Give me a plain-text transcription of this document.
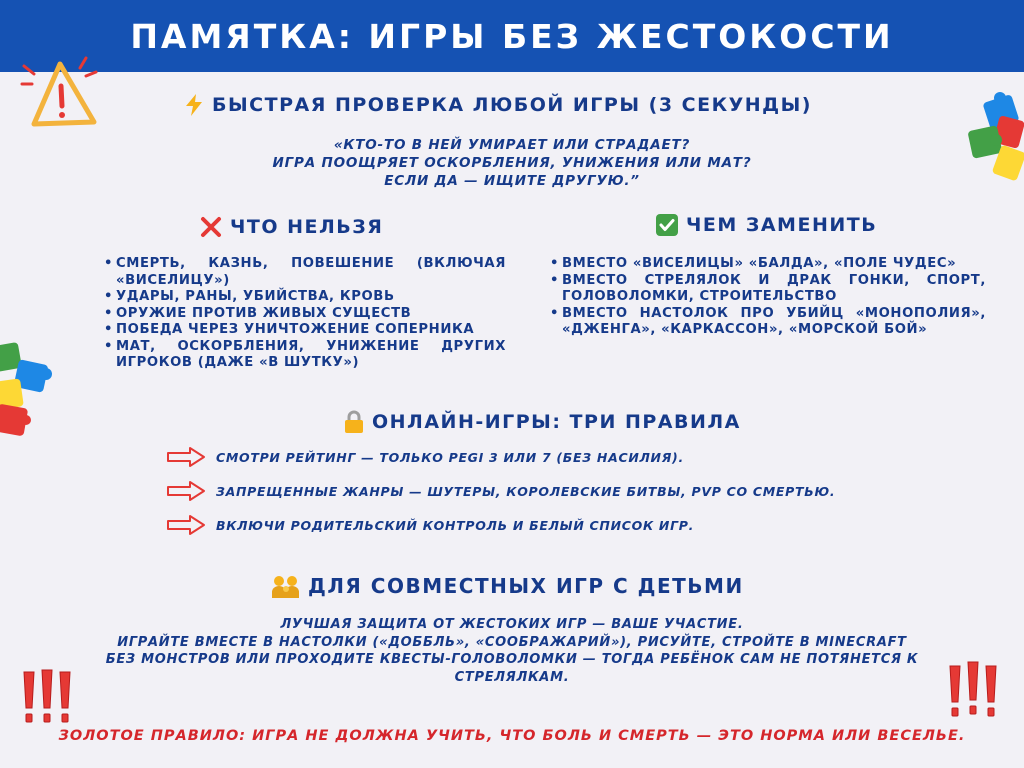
ПАМЯТКА: ИГРЫ БЕЗ ЖЕСТОКОСТИ
БЫСТРАЯ ПРОВЕРКА ЛЮБОЙ ИГРЫ (3 СЕКУНДЫ)
«КТО-ТО В НЕЙ УМИРАЕТ ИЛИ СТРАДАЕТ?
ИГРА ПООЩРЯЕТ ОСКОРБЛЕНИЯ, УНИЖЕНИЯ ИЛИ МАТ?
ЕСЛИ ДА — ИЩИТЕ ДРУГУЮ.”
ЧТО НЕЛЬЗЯ
• СМЕРТЬ, КАЗНЬ, ПОВЕШЕНИЕ (ВКЛЮЧАЯ «ВИСЕЛИЦУ»)
• УДАРЫ, РАНЫ, УБИЙСТВА, КРОВЬ
• ОРУЖИЕ ПРОТИВ ЖИВЫХ СУЩЕСТВ
• ПОБЕДА ЧЕРЕЗ УНИЧТОЖЕНИЕ СОПЕРНИКА
• МАТ, ОСКОРБЛЕНИЯ, УНИЖЕНИЕ ДРУГИХ ИГРОКОВ (ДАЖЕ «В ШУТКУ»)
ЧЕМ ЗАМЕНИТЬ
• ВМЕСТО «ВИСЕЛИЦЫ» «БАЛДА», «ПОЛЕ ЧУДЕС»
• ВМЕСТО СТРЕЛЯЛОК И ДРАК ГОНКИ, СПОРТ, ГОЛОВОЛОМКИ, СТРОИТЕЛЬСТВО
• ВМЕСТО НАСТОЛОК ПРО УБИЙЦ «МОНОПОЛИЯ», «ДЖЕНГА», «КАРКАССОН», «МОРСКОЙ БОЙ»
ОНЛАЙН-ИГРЫ: ТРИ ПРАВИЛА
СМОТРИ РЕЙТИНГ — ТОЛЬКО PEGI 3 ИЛИ 7 (БЕЗ НАСИЛИЯ).
ЗАПРЕЩЕННЫЕ ЖАНРЫ — ШУТЕРЫ, КОРОЛЕВСКИЕ БИТВЫ, PVP СО СМЕРТЬЮ.
ВКЛЮЧИ РОДИТЕЛЬСКИЙ КОНТРОЛЬ И БЕЛЫЙ СПИСОК ИГР.
ДЛЯ СОВМЕСТНЫХ ИГР С ДЕТЬМИ
ЛУЧШАЯ ЗАЩИТА ОТ ЖЕСТОКИХ ИГР — ВАШЕ УЧАСТИЕ.
ИГРАЙТЕ ВМЕСТЕ В НАСТОЛКИ («ДОББЛЬ», «СООБРАЖАРИЙ»), РИСУЙТЕ, СТРОЙТЕ В MINECRAFT
БЕЗ МОНСТРОВ ИЛИ ПРОХОДИТЕ КВЕСТЫ-ГОЛОВОЛОМКИ — ТОГДА РЕБЁНОК САМ НЕ ПОТЯНЕТСЯ К
СТРЕЛЯЛКАМ.
ЗОЛОТОЕ ПРАВИЛО: ИГРА НЕ ДОЛЖНА УЧИТЬ, ЧТО БОЛЬ И СМЕРТЬ — ЭТО НОРМА ИЛИ ВЕСЕЛЬЕ.
